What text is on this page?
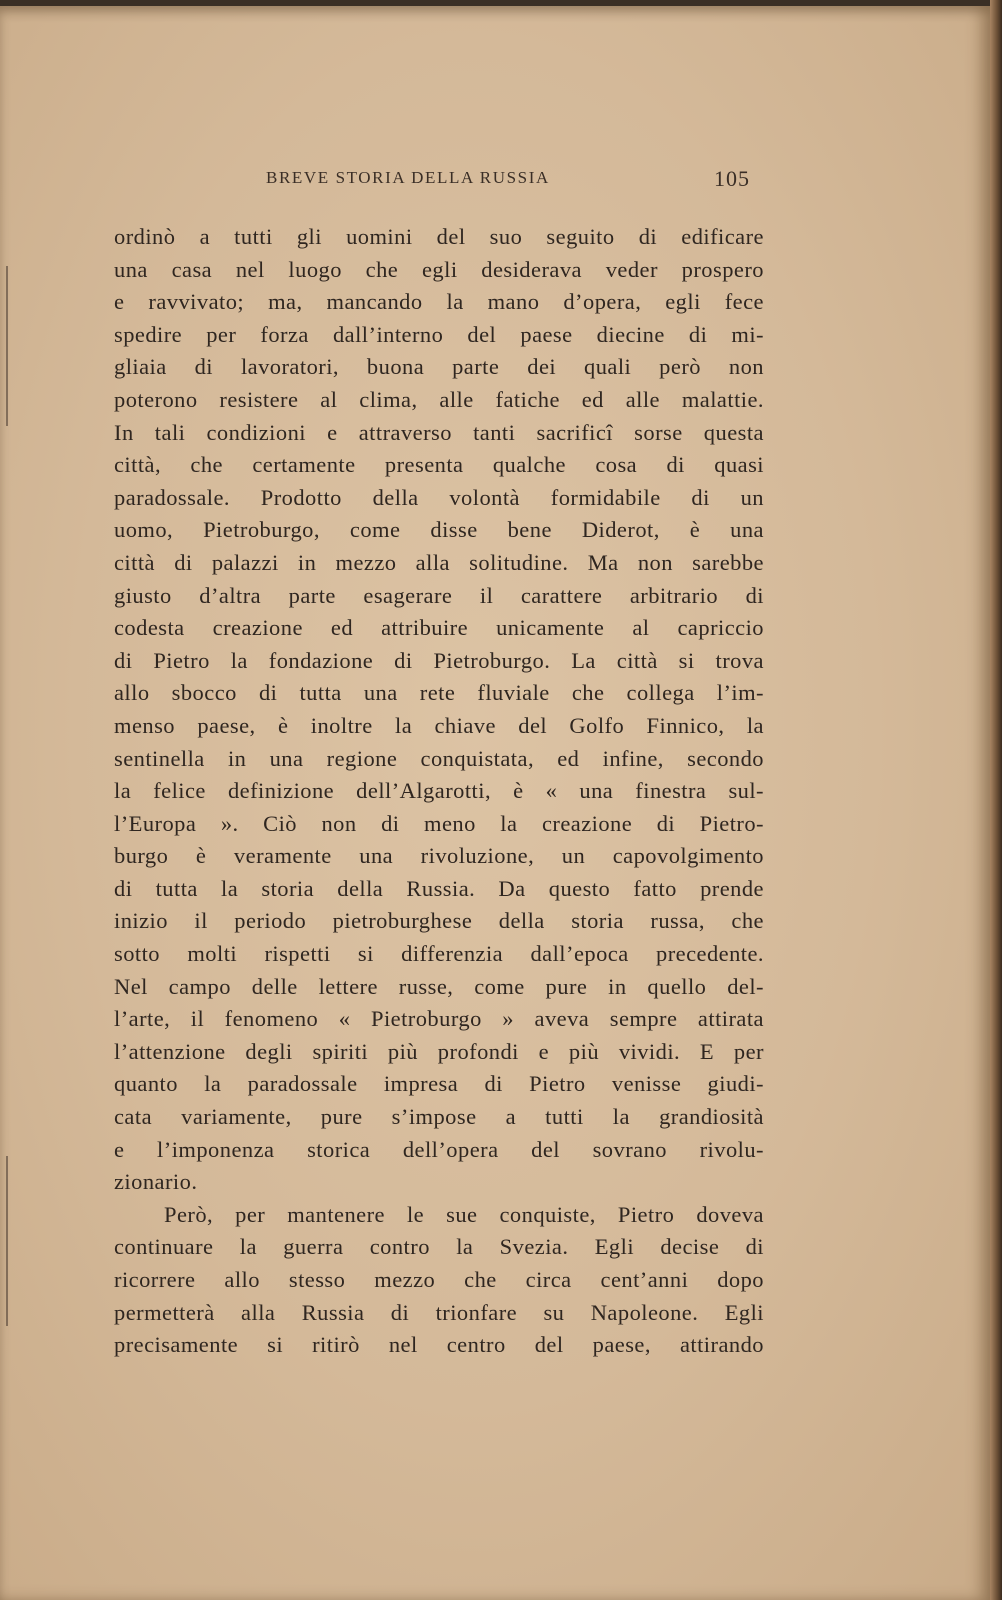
BREVE STORIA DELLA RUSSIA	105
ordinò a tutti gli uomini del suo seguito di edificare
una casa nel luogo che egli desiderava veder prospero
e ravvivato; ma, mancando la mano d’opera, egli fece
spedire per forza dall’interno del paese diecine di mi-
gliaia di lavoratori, buona parte dei quali però non
poterono resistere al clima, alle fatiche ed alle malattie.
In tali condizioni e attraverso tanti sacrificî sorse questa
città, che certamente presenta qualche cosa di quasi
paradossale. Prodotto della volontà formidabile di un
uomo, Pietroburgo, come disse bene Diderot, è una
città di palazzi in mezzo alla solitudine. Ma non sarebbe
giusto d’altra parte esagerare il carattere arbitrario di
codesta creazione ed attribuire unicamente al capriccio
di Pietro la fondazione di Pietroburgo. La città si trova
allo sbocco di tutta una rete fluviale che collega l’im-
menso paese, è inoltre la chiave del Golfo Finnico, la
sentinella in una regione conquistata, ed infine, secondo
la felice definizione dell’Algarotti, è « una finestra sul-
l’Europa ». Ciò non di meno la creazione di Pietro-
burgo è veramente una rivoluzione, un capovolgimento
di tutta la storia della Russia. Da questo fatto prende
inizio il periodo pietroburghese della storia russa, che
sotto molti rispetti si differenzia dall’epoca precedente.
Nel campo delle lettere russe, come pure in quello del-
l’arte, il fenomeno « Pietroburgo » aveva sempre attirata
l’attenzione degli spiriti più profondi e più vividi. E per
quanto la paradossale impresa di Pietro venisse giudi-
cata variamente, pure s’impose a tutti la grandiosità
e l’imponenza storica dell’opera del sovrano rivolu-
zionario.
Però, per mantenere le sue conquiste, Pietro doveva
continuare la guerra contro la Svezia. Egli decise di
ricorrere allo stesso mezzo che circa cent’anni dopo
permetterà alla Russia di trionfare su Napoleone. Egli
precisamente si ritirò nel centro del paese, attirando
